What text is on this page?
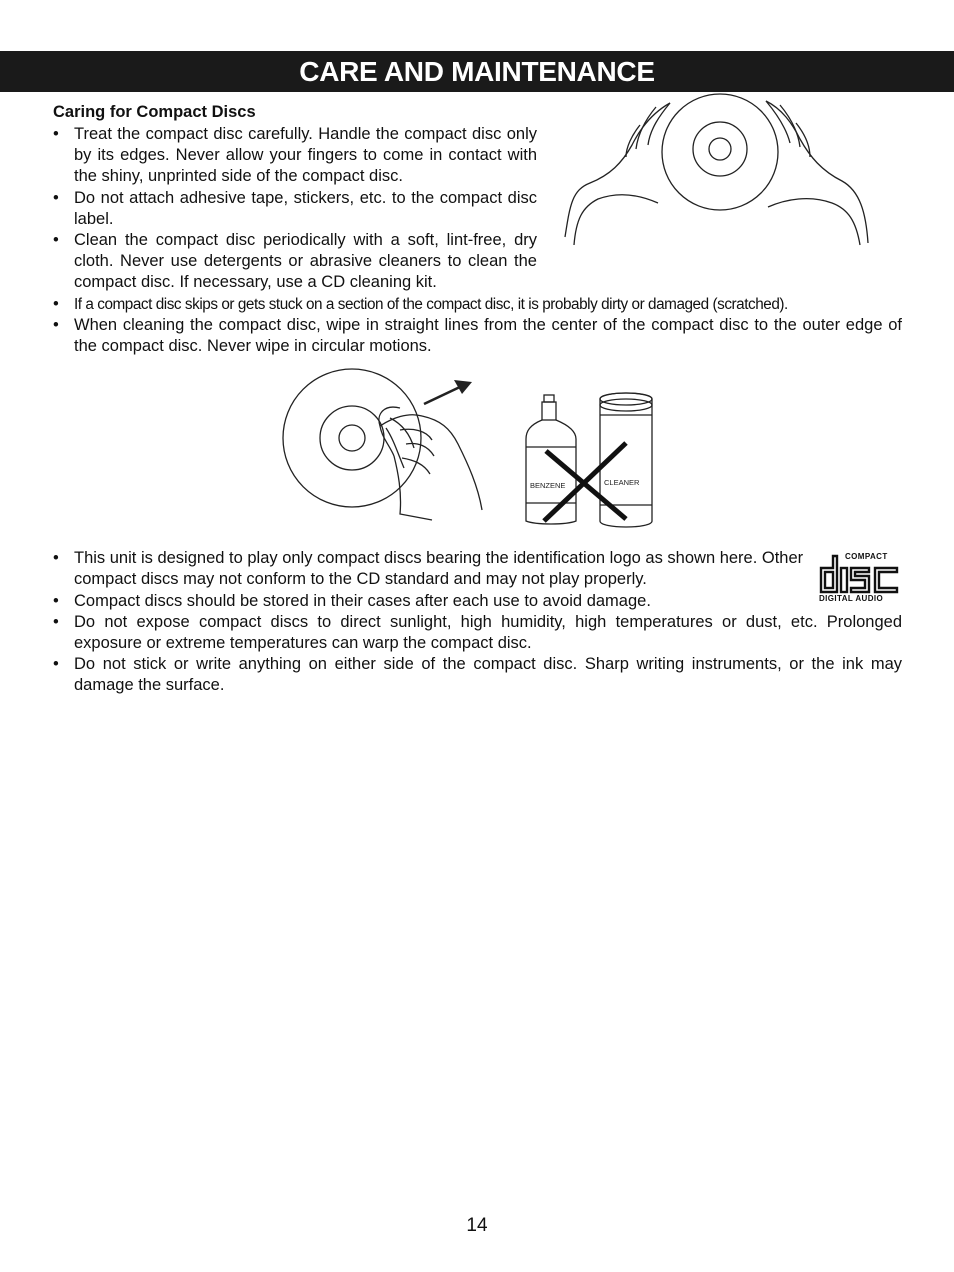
CARE AND MAINTENANCE
Caring for Compact Discs
• Treat the compact disc carefully. Handle the compact disc only by its edges. Never allow your fingers to come in contact with the shiny, unprinted side of the compact disc.
• Do not attach adhesive tape, stickers, etc. to the compact disc label.
• Clean the compact disc periodically with a soft, lint-free, dry cloth. Never use detergents or abrasive cleaners to clean the compact disc. If necessary, use a CD cleaning kit.
• If a compact disc skips or gets stuck on a section of the compact disc, it is probably dirty or damaged (scratched).
• When cleaning the compact disc, wipe in straight lines from the center of the compact disc to the outer edge of the compact disc. Never wipe in circular motions.
• This unit is designed to play only compact discs bearing the identification logo as shown here. Other compact discs may not conform to the CD standard and may not play properly.
• Compact discs should be stored in their cases after each use to avoid damage.
• Do not expose compact discs to direct sunlight, high humidity, high temperatures or dust, etc. Prolonged exposure or extreme temperatures can warp the compact disc.
• Do not stick or write anything on either side of the compact disc. Sharp writing instruments, or the ink may damage the surface.
BENZENE	CLEANER
COMPACT
DIGITAL AUDIO
14
